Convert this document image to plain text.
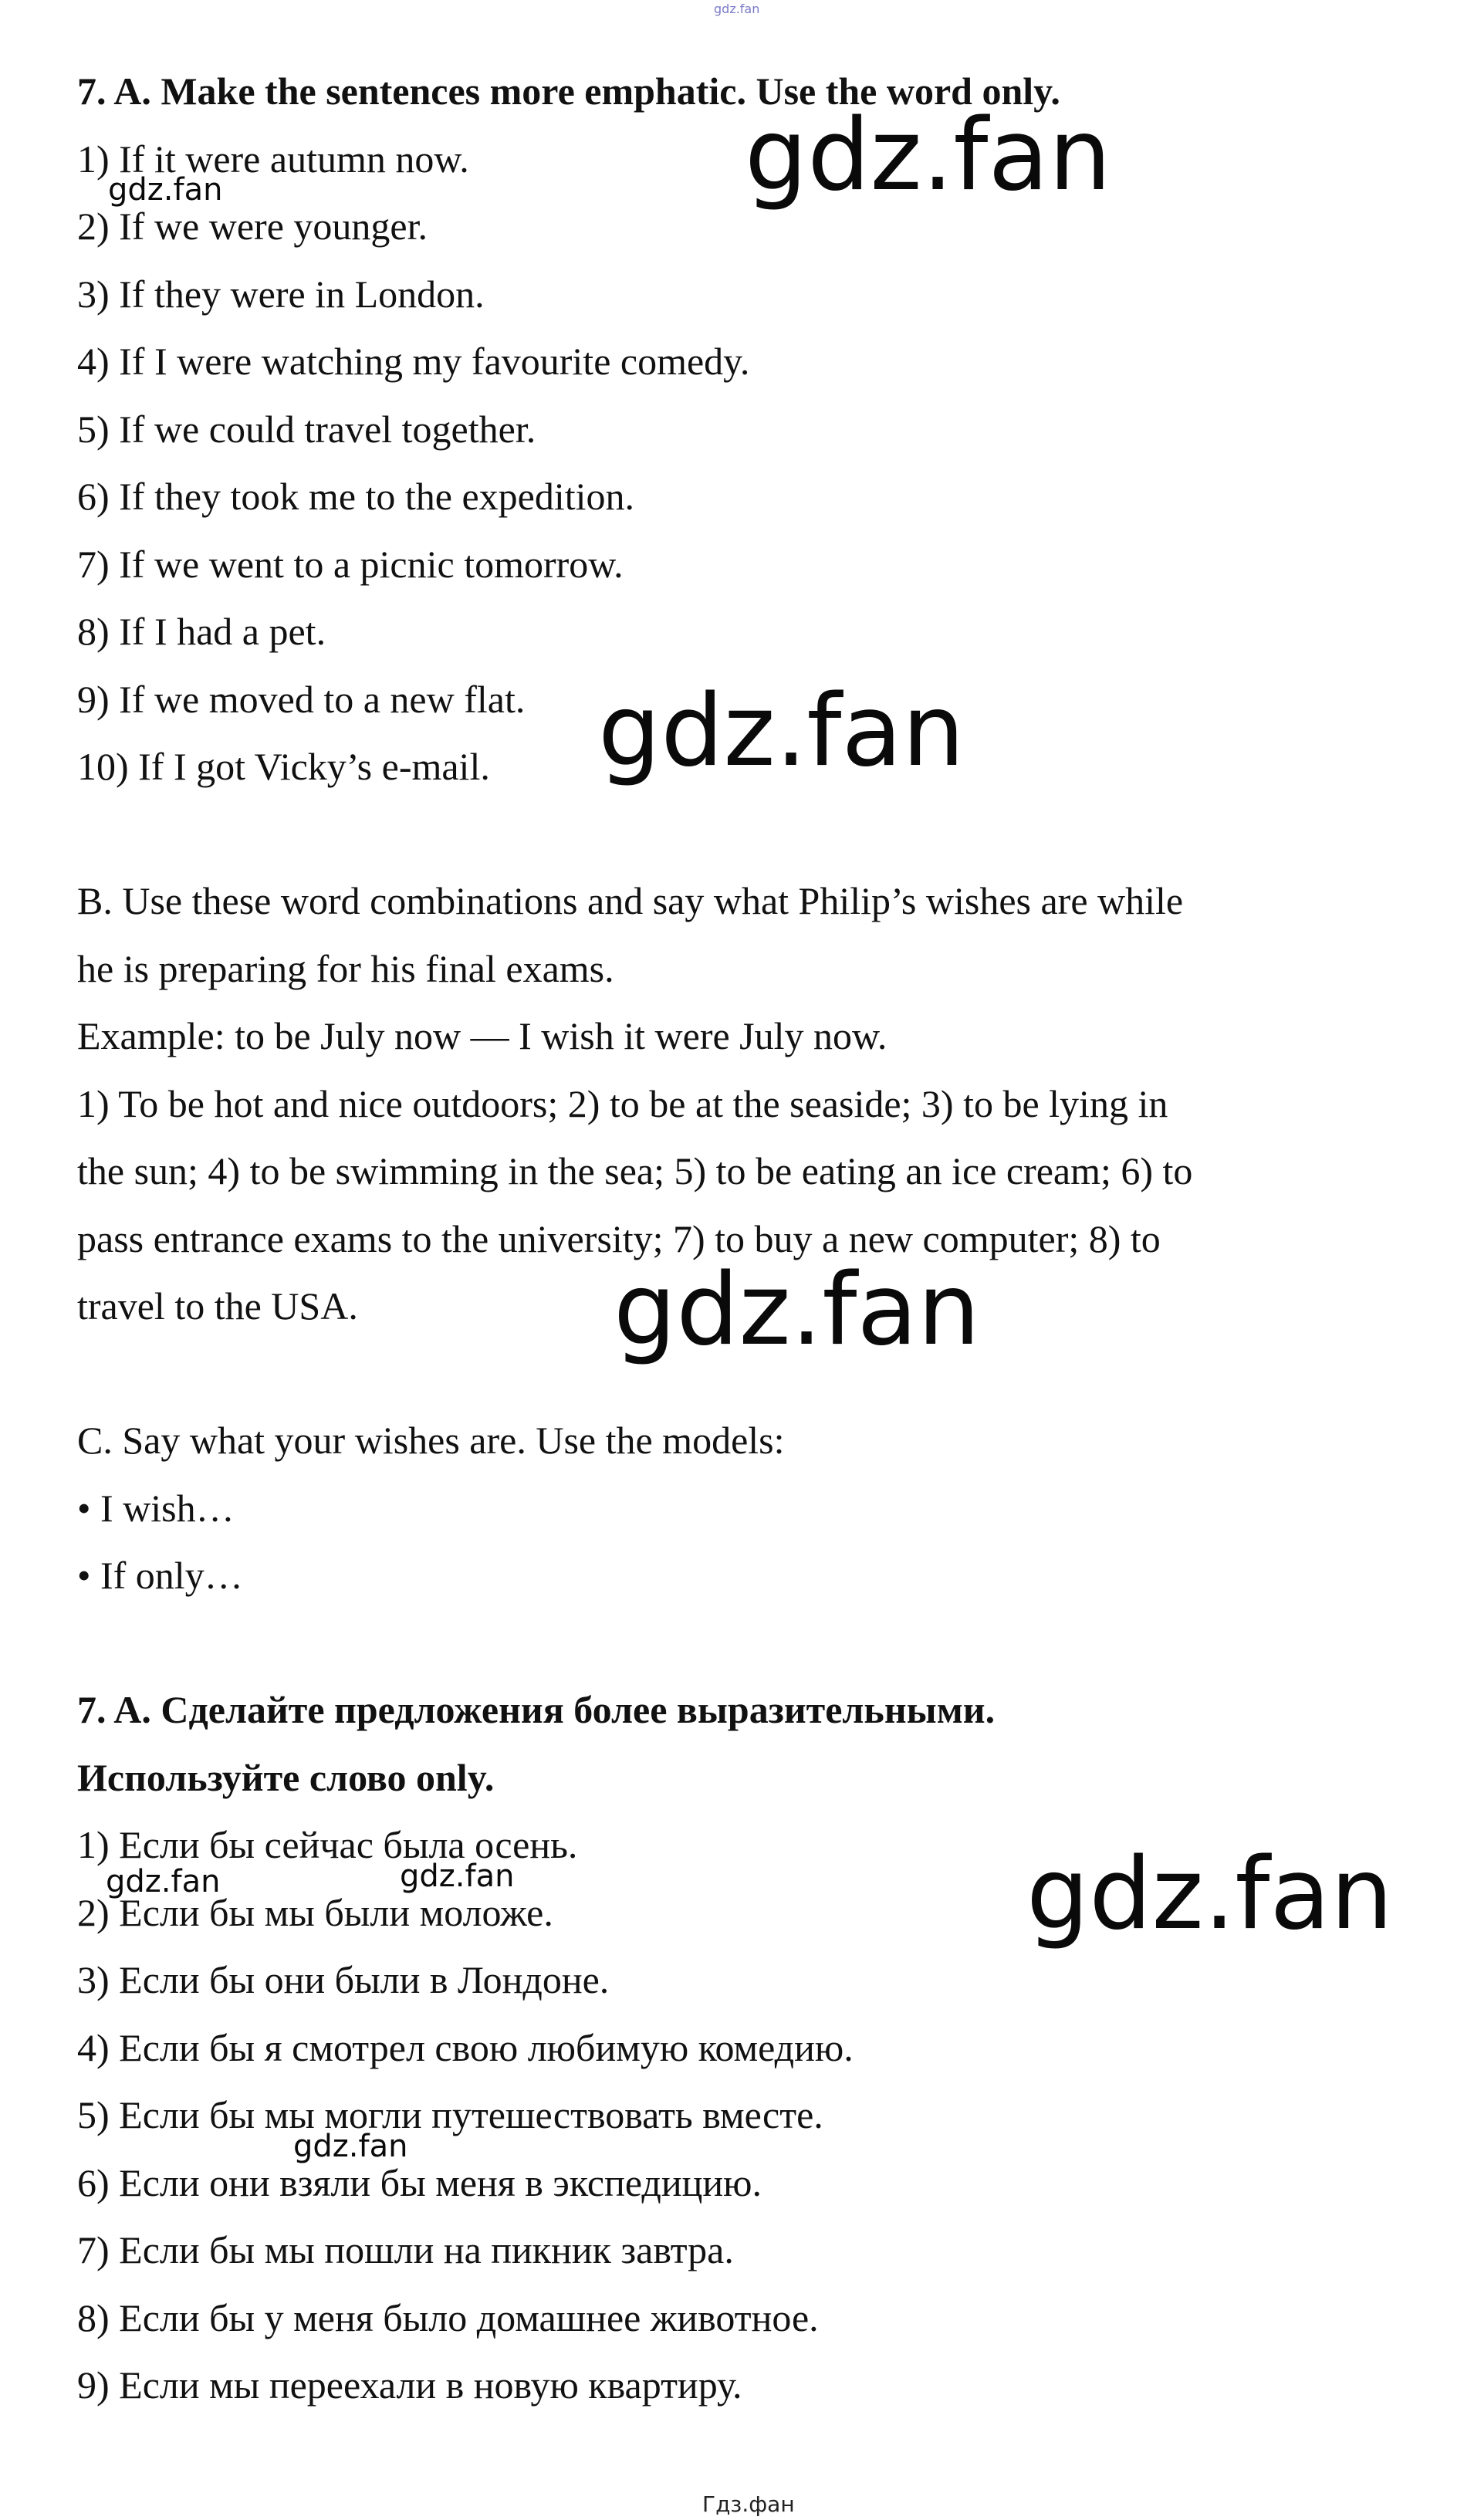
gdz.fan
7. A. Make the sentences more emphatic. Use the word only.
1) If it were autumn now.
2) If we were younger.
3) If they were in London.
4) If I were watching my favourite comedy.
5) If we could travel together.
6) If they took me to the expedition.
7) If we went to a picnic tomorrow.
8) If I had a pet.
9) If we moved to a new flat.
10) If I got Vicky’s e-mail.
B. Use these word combinations and say what Philip’s wishes are while
he is preparing for his final exams.
Example: to be July now — I wish it were July now.
1) To be hot and nice outdoors; 2) to be at the seaside; 3) to be lying in
the sun; 4) to be swimming in the sea; 5) to be eating an ice cream; 6) to
pass entrance exams to the university; 7) to buy a new computer; 8) to
travel to the USA.
C. Say what your wishes are. Use the models:
• I wish…
• If only…
7. A. Сделайте предложения более выразительными.
Используйте слово only.
1) Если бы сейчас была осень.
2) Если бы мы были моложе.
3) Если бы они были в Лондоне.
4) Если бы я смотрел свою любимую комедию.
5) Если бы мы могли путешествовать вместе.
6) Если они взяли бы меня в экспедицию.
7) Если бы мы пошли на пикник завтра.
8) Если бы у меня было домашнее животное.
9) Если мы переехали в новую квартиру.
gdz.fan
gdz.fan
gdz.fan
gdz.fan
gdz.fan
gdz.fan	gdz.fan
gdz.fan
Гдз.фан
